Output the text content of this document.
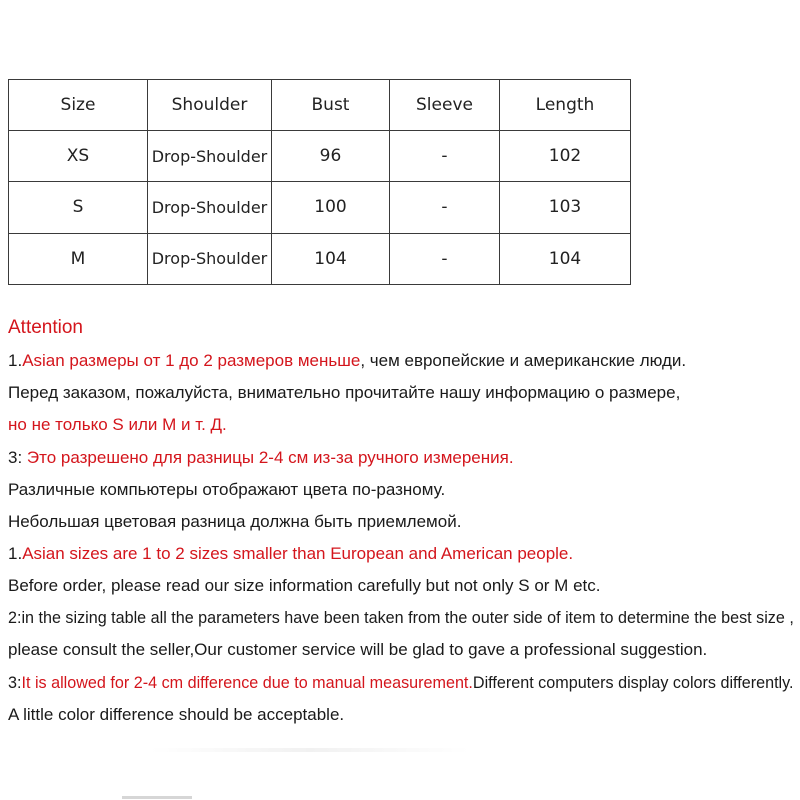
Size	Shoulder	Bust	Sleeve	Length
XS	Drop-Shoulder	96	-	102
S	Drop-Shoulder	100	-	103
M	Drop-Shoulder	104	-	104
Attention
1.Asian размеры от 1 до 2 размеров меньше, чем европейские и американские люди.
Перед заказом, пожалуйста, внимательно прочитайте нашу информацию о размере,
но не только S или M и т. Д.
3: Это разрешено для разницы 2-4 см из-за ручного измерения.
Различные компьютеры отображают цвета по-разному.
Небольшая цветовая разница должна быть приемлемой.
1.Asian sizes are 1 to 2 sizes smaller than European and American people.
Before order, please read our size information carefully but not only S or M etc.
2:in the sizing table all the parameters have been taken from the outer side of item to determine the best size ,
please consult the seller,Our customer service will be glad to gave a professional suggestion.
3:It is allowed for 2-4 cm difference due to manual measurement.Different computers display colors differently.
A little color difference should be acceptable.
